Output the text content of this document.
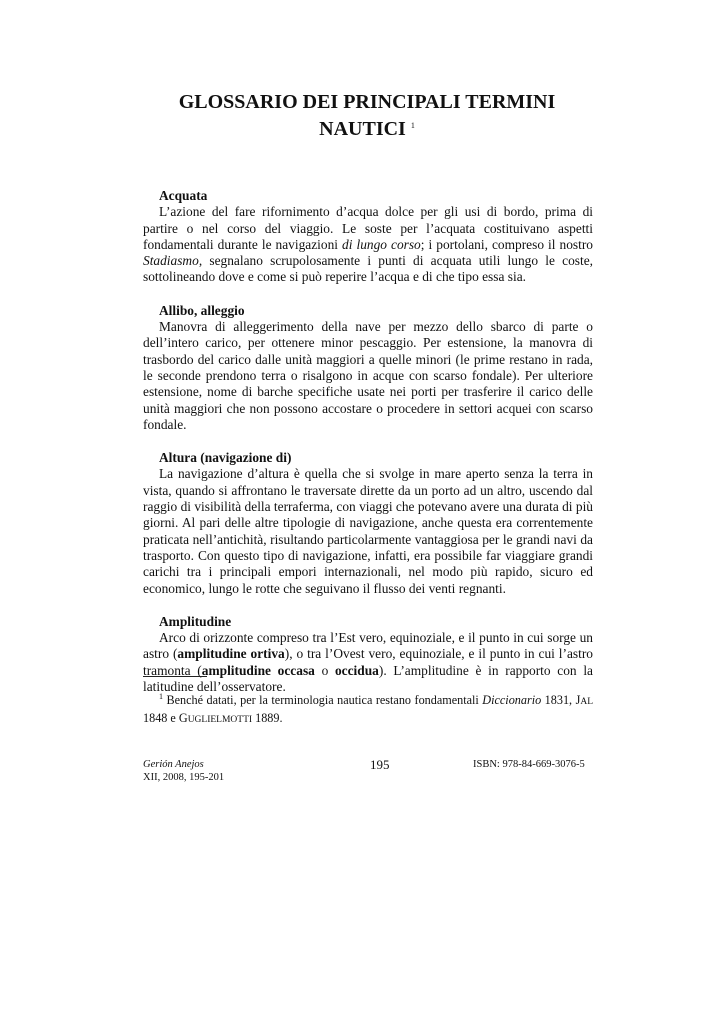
GLOSSARIO DEI PRINCIPALI TERMINI
NAUTICI $^1$
Acquata
L’azione del fare rifornimento d’acqua dolce per gli usi di bordo, prima di partire o nel corso del viaggio. Le soste per l’acquata costituivano aspetti fondamentali durante le navigazioni di lungo corso; i portolani, compreso il nostro Stadiasmo, segnalano scrupolosamente i punti di acquata utili lungo le coste, sottolineando dove e come si può reperire l’acqua e di che tipo essa sia.
Allibo, alleggio
Manovra di alleggerimento della nave per mezzo dello sbarco di parte o dell’intero carico, per ottenere minor pescaggio. Per estensione, la manovra di trasbordo del carico dalle unità maggiori a quelle minori (le prime restano in rada, le seconde prendono terra o risalgono in acque con scarso fondale). Per ulteriore estensione, nome di barche specifiche usate nei porti per trasferire il carico delle unità maggiori che non possono accostare o procedere in settori acquei con scarso fondale.
Altura (navigazione di)
La navigazione d’altura è quella che si svolge in mare aperto senza la terra in vista, quando si affrontano le traversate dirette da un porto ad un altro, uscendo dal raggio di visibilità della terraferma, con viaggi che potevano avere una durata di più giorni. Al pari delle altre tipologie di navigazione, anche questa era correntemente praticata nell’antichità, risultando particolarmente vantaggiosa per le grandi navi da trasporto. Con questo tipo di navigazione, infatti, era possibile far viaggiare grandi carichi tra i principali empori internazionali, nel modo più rapido, sicuro ed economico, lungo le rotte che seguivano il flusso dei venti regnanti.
Amplitudine
Arco di orizzonte compreso tra l’Est vero, equinoziale, e il punto in cui sorge un astro (amplitudine ortiva), o tra l’Ovest vero, equinoziale, e il punto in cui l’astro tramonta (amplitudine occasa o occidua). L’amplitudine è in rapporto con la latitudine dell’osservatore.
$^1$ Benché datati, per la terminologia nautica restano fondamentali Diccionario 1831, JAL 1848 e GUGLIELMOTTI 1889.
Gerión Anejos
XII, 2008, 195-201
195	ISBN: 978-84-669-3076-5
